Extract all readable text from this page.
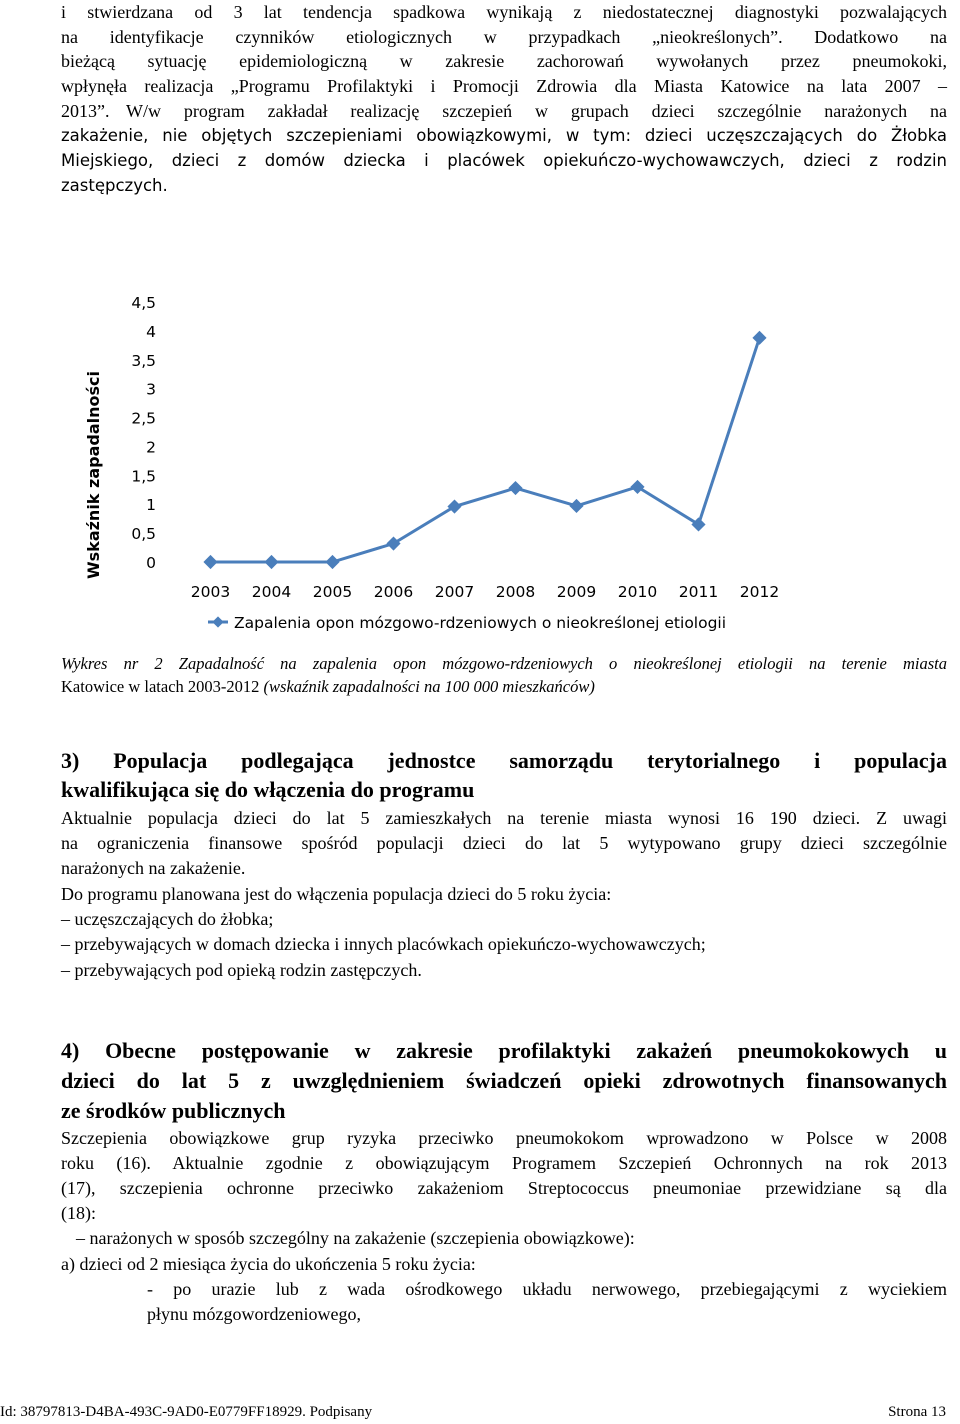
i stwierdzana od 3 lat tendencja spadkowa wynikają z niedostatecznej diagnostyki pozwalających
na identyfikacje czynników etiologicznych w przypadkach „nieokreślonych”. Dodatkowo na
bieżącą sytuację epidemiologiczną w zakresie zachorowań wywołanych przez pneumokoki,
wpłynęła realizacja „Programu Profilaktyki i Promocji Zdrowia dla Miasta Katowice na lata 2007 –
2013”. W/w program zakładał realizację szczepień w grupach dzieci szczególnie narażonych na
zakażenie, nie objętych szczepieniami obowiązkowymi, w tym: dzieci uczęszczających do Żłobka
Miejskiego, dzieci z domów dziecka i placówek opiekuńczo-wychowawczych, dzieci z rodzin
zastępczych.
0
0,5
1
1,5
2
2,5
3
3,5
4
4,5
2003 2004 2005 2006 2007 2008 2009 2010 2011 2012
Wskaźnik zapadalności
Zapalenia opon mózgowo-rdzeniowych o nieokreślonej etiologii
Wykres nr 2 Zapadalność na zapalenia opon mózgowo-rdzeniowych o nieokreślonej etiologii na terenie miasta
Katowice w latach 2003-2012 (wskaźnik zapadalności na 100 000 mieszkańców)
3) Populacja podlegająca jednostce samorządu terytorialnego i populacja
kwalifikująca się do włączenia do programu
Aktualnie populacja dzieci do lat 5 zamieszkałych na terenie miasta wynosi 16 190 dzieci. Z uwagi
na ograniczenia finansowe spośród populacji dzieci do lat 5 wytypowano grupy dzieci szczególnie
narażonych na zakażenie.
Do programu planowana jest do włączenia populacja dzieci do 5 roku życia:
– uczęszczających do żłobka;
– przebywających w domach dziecka i innych placówkach opiekuńczo-wychowawczych;
– przebywających pod opieką rodzin zastępczych.
4) Obecne postępowanie w zakresie profilaktyki zakażeń pneumokokowych u
dzieci do lat 5 z uwzględnieniem świadczeń opieki zdrowotnych finansowanych
ze środków publicznych
Szczepienia obowiązkowe grup ryzyka przeciwko pneumokokom wprowadzono w Polsce w 2008
roku (16). Aktualnie zgodnie z obowiązującym Programem Szczepień Ochronnych na rok 2013
(17), szczepienia ochronne przeciwko zakażeniom Streptococcus pneumoniae przewidziane są dla
(18):
– narażonych w sposób szczególny na zakażenie (szczepienia obowiązkowe):
a) dzieci od 2 miesiąca życia do ukończenia 5 roku życia:
- po urazie lub z wada ośrodkowego układu nerwowego, przebiegającymi z wyciekiem
płynu mózgowordzeniowego,
Id: 38797813-D4BA-493C-9AD0-E0779FF18929. Podpisany	Strona 13
